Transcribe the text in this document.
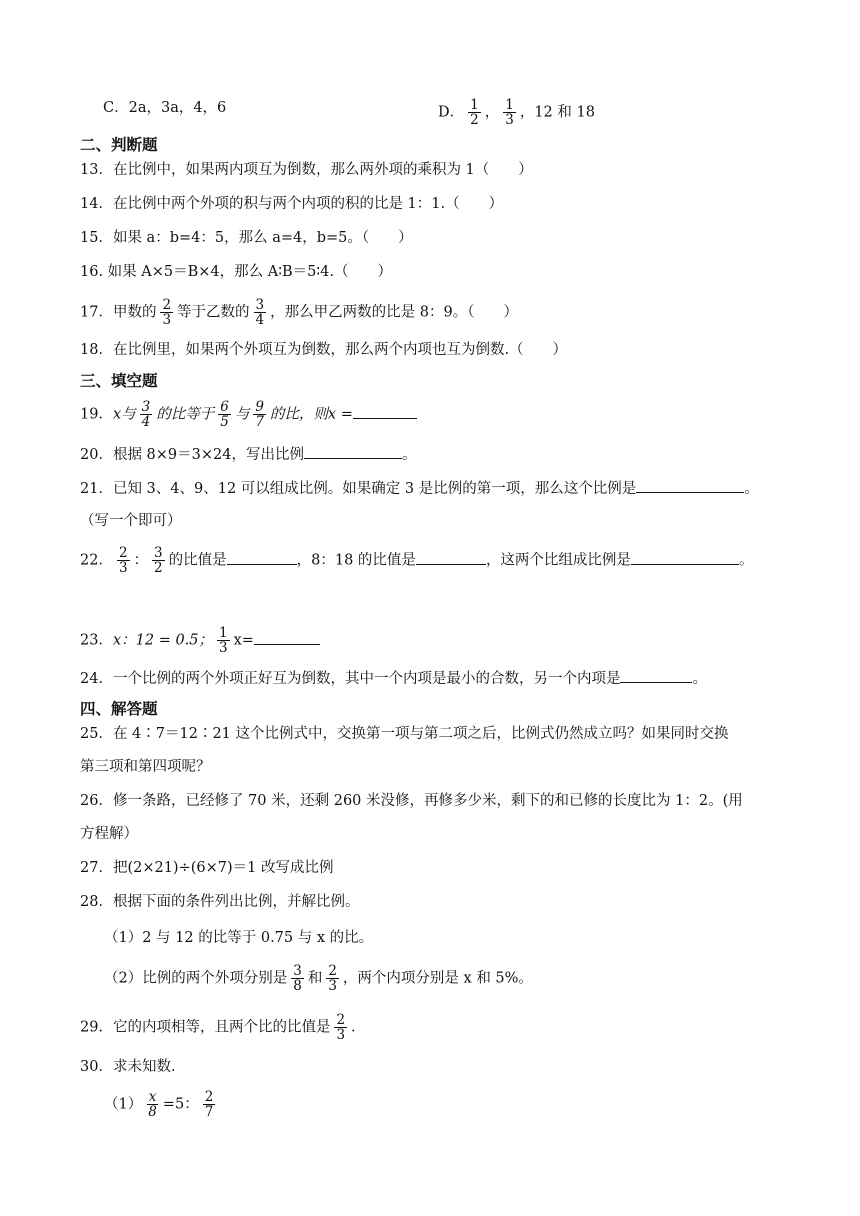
C．2a，3a，4，6	D． $\frac{1}{2}$ ， $\frac{1}{3}$ ，12 和 18
二、判断题
13．在比例中，如果两内项互为倒数，那么两外项的乘积为 1（　　）
14．在比例中两个外项的积与两个内项的积的比是 1：1.（　　）
15．如果 a：b=4：5，那么 a=4，b=5。（　　）
16. 如果 A×5＝B×4，那么 A∶B＝5∶4.（　　）
17．甲数的 $\frac{2}{3}$ 等于乙数的 $\frac{3}{4}$ ，那么甲乙两数的比是 8：9。（　　）
18．在比例里，如果两个外项互为倒数，那么两个内项也互为倒数.（　　）
三、填空题
19．x与 $\frac{3}{4}$ 的比等于 $\frac{6}{5}$ 与 $\frac{9}{7}$ 的比，则x =
20．根据 8×9＝3×24，写出比例	。
21．已知 3、4、9、12 可以组成比例。如果确定 3 是比例的第一项，那么这个比例是	。
（写一个即可）
22． $\frac{2}{3}$ ： $\frac{3}{2}$ 的比值是	，8：18 的比值是	，这两个比组成比例是	。
23．x：12 = 0.5； $\frac{1}{3} x=$
24．一个比例的两个外项正好互为倒数，其中一个内项是最小的合数，另一个内项是	。
四、解答题
25．在 4∶7＝12∶21 这个比例式中，交换第一项与第二项之后，比例式仍然成立吗？如果同时交换
第三项和第四项呢？
26．修一条路，已经修了 70 米，还剩 260 米没修，再修多少米，剩下的和已修的长度比为 1：2。(用
方程解）
27．把(2×21)÷(6×7)＝1 改写成比例
28．根据下面的条件列出比例，并解比例。
（1）2 与 12 的比等于 0.75 与 x 的比。
（2）比例的两个外项分别是 $\frac{3}{8}$ 和 $\frac{2}{3}$ ，两个内项分别是 x 和 5%。
29．它的内项相等，且两个比的比值是 $\frac{2}{3}$ .
30．求未知数.
$(1) \frac{x}{8} =5$： $\frac{2}{7}$
